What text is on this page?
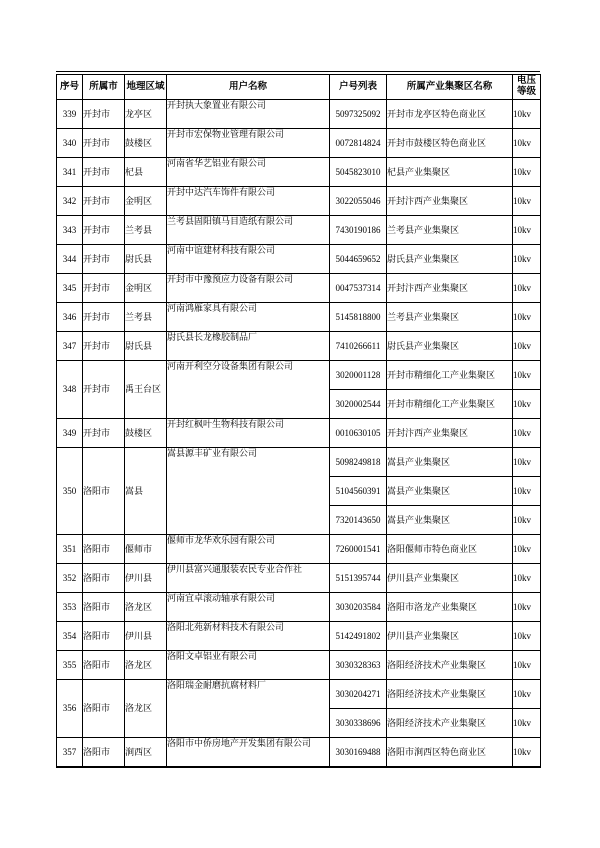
序号	所属市	地理区域	用户名称	户号列表	所属产业集聚区名称	电压等级
339	开封市	龙亭区	开封执大象置业有限公司	5097325092	开封市龙亭区特色商业区	10kv
340	开封市	鼓楼区	开封市宏保物业管理有限公司	0072814824	开封市鼓楼区特色商业区	10kv
341	开封市	杞县	河南省华艺铝业有限公司	5045823010	杞县产业集聚区	10kv
342	开封市	金明区	开封中达汽车饰件有限公司	3022055046	开封汴西产业集聚区	10kv
343	开封市	兰考县	兰考县固阳镇马目造纸有限公司	7430190186	兰考县产业集聚区	10kv
344	开封市	尉氏县	河南中谊建材科技有限公司	5044659652	尉氏县产业集聚区	10kv
345	开封市	金明区	开封市中豫预应力设备有限公司	0047537314	开封汴西产业集聚区	10kv
346	开封市	兰考县	河南鸿雁家具有限公司	5145818800	兰考县产业集聚区	10kv
347	开封市	尉氏县	尉氏县长龙橡胶制品厂	7410266611	尉氏县产业集聚区	10kv
348	开封市	禹王台区	河南开利空分设备集团有限公司	3020001128	开封市精细化工产业集聚区	10kv
				3020002544	开封市精细化工产业集聚区	10kv
349	开封市	鼓楼区	开封红枫叶生物科技有限公司	0010630105	开封汴西产业集聚区	10kv
350	洛阳市	嵩县	嵩县源丰矿业有限公司	5098249818	嵩县产业集聚区	10kv
				5104560391	嵩县产业集聚区	10kv
				7320143650	嵩县产业集聚区	10kv
351	洛阳市	偃师市	偃师市龙华欢乐园有限公司	7260001541	洛阳偃师市特色商业区	10kv
352	洛阳市	伊川县	伊川县富兴通服装农民专业合作社	5151395744	伊川县产业集聚区	10kv
353	洛阳市	洛龙区	河南宜卓滚动轴承有限公司	3030203584	洛阳市洛龙产业集聚区	10kv
354	洛阳市	伊川县	洛阳北苑新材料技术有限公司	5142491802	伊川县产业集聚区	10kv
355	洛阳市	洛龙区	洛阳文卓铝业有限公司	3030328363	洛阳经济技术产业集聚区	10kv
356	洛阳市	洛龙区	洛阳瑞金耐磨抗腐材料厂	3030204271	洛阳经济技术产业集聚区	10kv
				3030338696	洛阳经济技术产业集聚区	10kv
357	洛阳市	涧西区	洛阳市中侨房地产开发集团有限公司	3030169488	洛阳市涧西区特色商业区	10kv
